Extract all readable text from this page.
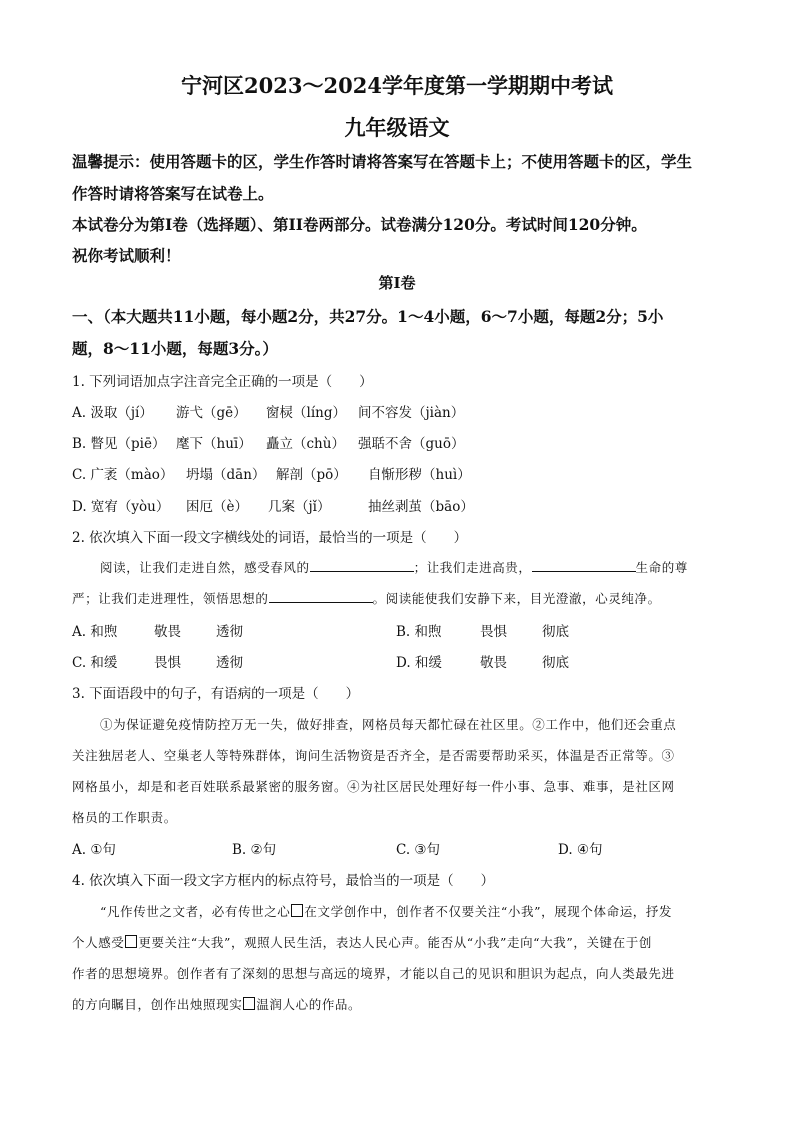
宁河区2023～2024学年度第一学期期中考试
九年级语文
温馨提示：使用答题卡的区，学生作答时请将答案写在答题卡上；不使用答题卡的区，学生
作答时请将答案写在试卷上。
本试卷分为第Ⅰ卷（选择题）、第II卷两部分。试卷满分120分。考试时间120分钟。
祝你考试顺利！
第Ⅰ卷
一、（本大题共11小题，每小题2分，共27分。1～4小题，6～7小题，每题2分；5小
题，8～11小题，每题3分。）
1. 下列词语加点字注音完全正确的一项是（　　）
A. 汲取（jí） 游弋（gē） 窗棂（líng） 间不容发（jiàn）
B. 瞥见（piē） 麾下（huī） 矗立（chù） 强聒不舍（guō）
C. 广袤（mào） 坍塌（dān） 解剖（pō） 自惭形秽（huì）
D. 宽宥（yòu） 困厄（è） 几案（jǐ）	抽丝剥茧（bāo）
2. 依次填入下面一段文字横线处的词语，最恰当的一项是（　　）
阅读，让我们走进自然，感受春风的	；让我们走进高贵，	生命的尊
严；让我们走进理性，领悟思想的	。阅读能使我们安静下来，目光澄澈，心灵纯净。
A. 和煦	敬畏	透彻	B. 和煦	畏惧	彻底
C. 和缓	畏惧	透彻	D. 和缓	敬畏	彻底
3. 下面语段中的句子，有语病的一项是（　　）
①为保证避免疫情防控万无一失，做好排查，网格员每天都忙碌在社区里。②工作中，他们还会重点
关注独居老人、空巢老人等特殊群体，询问生活物资是否齐全，是否需要帮助采买，体温是否正常等。③
网格虽小，却是和老百姓联系最紧密的服务窗。④为社区居民处理好每一件小事、急事、难事，是社区网
格员的工作职责。
A. ①句	B. ②句	C. ③句	D. ④句
4. 依次填入下面一段文字方框内的标点符号，最恰当的一项是（　　）
“凡作传世之文者，必有传世之心 在文学创作中，创作者不仅要关注“小我”，展现个体命运，抒发
个人感受 更要关注“大我”，观照人民生活，表达人民心声。能否从“小我”走向“大我”，关键在于创
作者的思想境界。创作者有了深刻的思想与高远的境界，才能以自己的见识和胆识为起点，向人类最先进
的方向瞩目，创作出烛照现实 温润人心的作品。
